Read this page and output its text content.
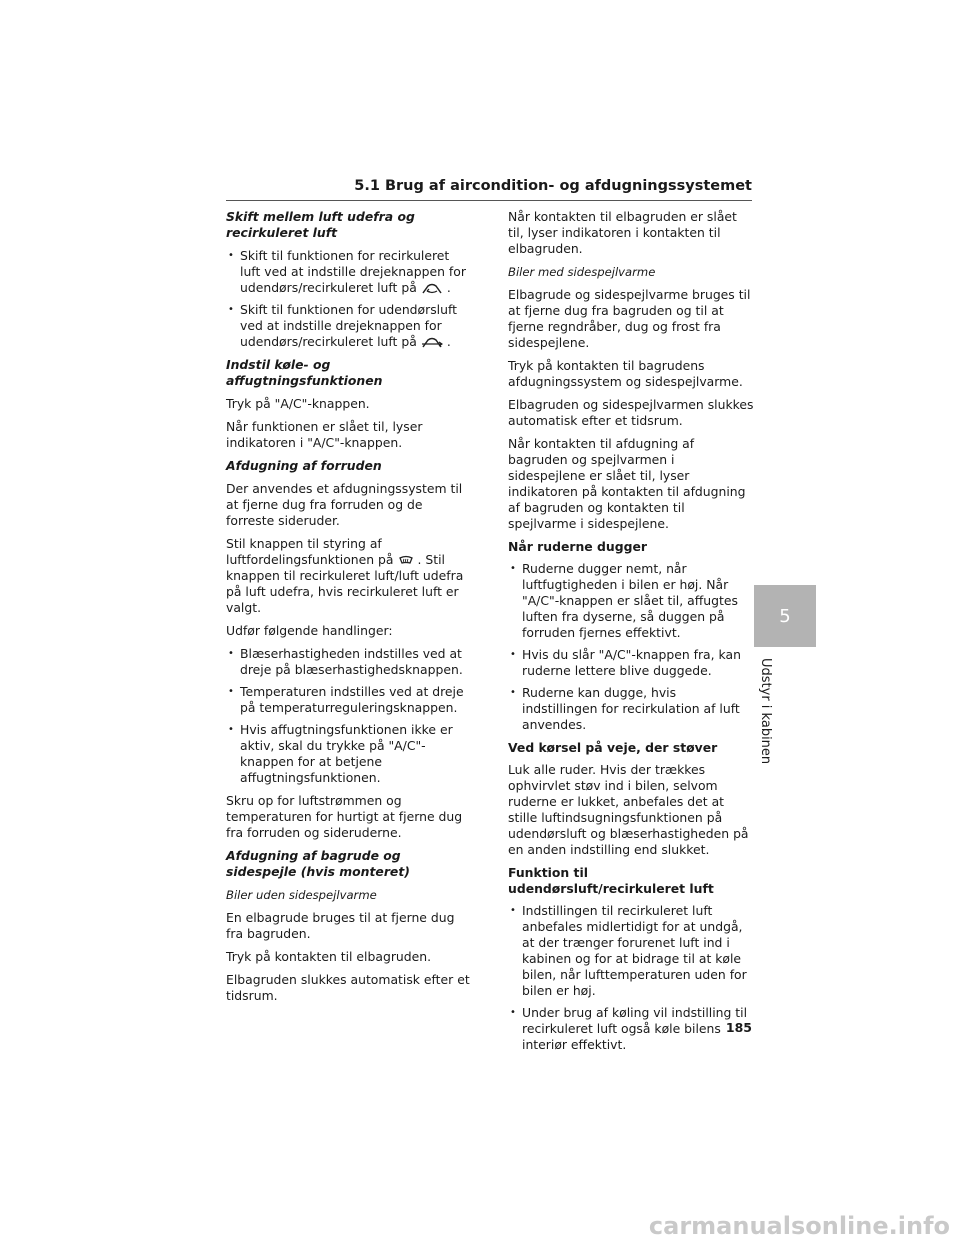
5.1 Brug af aircondition- og afdugningssystemet
Skift mellem luft udefra og recirkuleret luft
• Skift til funktionen for recirkuleret luft ved at indstille drejeknappen for udendørs/recirkuleret luft på .
• Skift til funktionen for udendørsluft ved at indstille drejeknappen for udendørs/recirkuleret luft på .
Indstil køle- og affugtningsfunktionen

Tryk på "A/C"-knappen.

Når funktionen er slået til, lyser indikatoren i "A/C"-knappen.

Afdugning af forruden

Der anvendes et afdugningssystem til at fjerne dug fra forruden og de forreste sideruder.

Stil knappen til styring af luftfordelingsfunktionen på . Stil knappen til recirkuleret luft/luft udefra på luft udefra, hvis recirkuleret luft er valgt.

Udfør følgende handlinger:

• Blæserhastigheden indstilles ved at dreje på blæserhastighedsknappen.
• Temperaturen indstilles ved at dreje på temperaturreguleringsknappen.
• Hvis affugtningsfunktionen ikke er aktiv, skal du trykke på "A/C"-knappen for at betjene affugtningsfunktionen.

Skru op for luftstrømmen og temperaturen for hurtigt at fjerne dug fra forruden og sideruderne.

Afdugning af bagrude og sidespejle (hvis monteret)
Biler uden sidespejlvarme

En elbagrude bruges til at fjerne dug fra bagruden.

Tryk på kontakten til elbagruden.

Elbagruden slukkes automatisk efter et tidsrum.

Når kontakten til elbagruden er slået til, lyser indikatoren i kontakten til elbagruden.

Biler med sidespejlvarme

Elbagrude og sidespejlvarme bruges til at fjerne dug fra bagruden og til at fjerne regndråber, dug og frost fra sidespejlene.

Tryk på kontakten til bagrudens afdugningssystem og sidespejlvarme.

Elbagruden og sidespejlvarmen slukkes automatisk efter et tidsrum.

Når kontakten til afdugning af bagruden og spejlvarmen i sidespejlene er slået til, lyser indikatoren på kontakten til afdugning af bagruden og kontakten til spejlvarme i sidespejlene.

Når ruderne dugger
• Ruderne dugger nemt, når luftfugtigheden i bilen er høj. Når "A/C"-knappen er slået til, affugtes luften fra dyserne, så duggen på forruden fjernes effektivt.
• Hvis du slår "A/C"-knappen fra, kan ruderne lettere blive duggede.
• Ruderne kan dugge, hvis indstillingen for recirkulation af luft anvendes.
Ved kørsel på veje, der støver

Luk alle ruder. Hvis der trækkes ophvirvlet støv ind i bilen, selvom ruderne er lukket, anbefales det at stille luftindsugningsfunktionen på udendørsluft og blæserhastigheden på en anden indstilling end slukket.

Funktion til udendørsluft/recirkuleret luft
• Indstillingen til recirkuleret luft anbefales midlertidigt for at undgå, at der trænger forurenet luft ind i kabinen og for at bidrage til at køle bilen, når lufttemperaturen uden for bilen er høj.
• Under brug af køling vil indstilling til recirkuleret luft også køle bilens interiør effektivt.
5
Udstyr i kabinen
185
carmanualsonline.info
